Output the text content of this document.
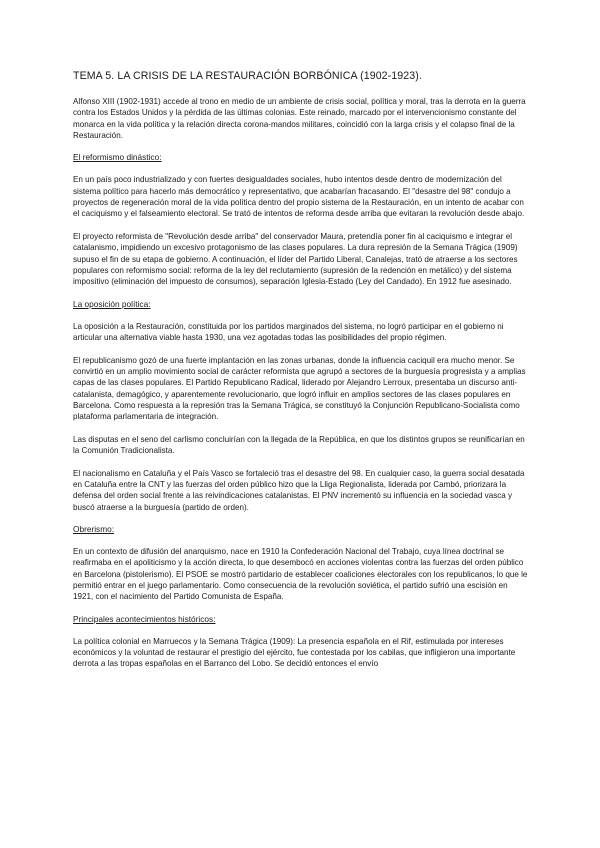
TEMA 5. LA CRISIS DE LA RESTAURACIÓN BORBÓNICA (1902-1923).

Alfonso XIII (1902-1931) accede al trono en medio de un ambiente de crisis social, política y moral, tras la derrota en la guerra contra los Estados Unidos y la pérdida de las últimas colonias. Este reinado, marcado por el intervencionismo constante del monarca en la vida política y la relación directa corona-mandos militares, coincidió con la larga crisis y el colapso final de la Restauración.

El reformismo dinástico:

En un país poco industrializado y con fuertes desigualdades sociales, hubo intentos desde dentro de modernización del sistema político para hacerlo más democrático y representativo, que acabarían fracasando. El "desastre del 98" condujo a proyectos de regeneración moral de la vida política dentro del propio sistema de la Restauración, en un intento de acabar con el caciquismo y el falseamiento electoral. Se trató de intentos de reforma desde arriba que evitaran la revolución desde abajo.

El proyecto reformista de "Revolución desde arriba" del conservador Maura, pretendía poner fin al caciquismo e integrar el catalanismo, impidiendo un excesivo protagonismo de las clases populares. La dura represión de la Semana Trágica (1909) supuso el fin de su etapa de gobierno. A continuación, el líder del Partido Liberal, Canalejas, trató de atraerse a los sectores populares con reformismo social: reforma de la ley del reclutamiento (supresión de la redención en metálico) y del sistema impositivo (eliminación del impuesto de consumos), separación Iglesia-Estado (Ley del Candado). En 1912 fue asesinado.

La oposición política:

La oposición a la Restauración, constituida por los partidos marginados del sistema, no logró participar en el gobierno ni articular una alternativa viable hasta 1930, una vez agotadas todas las posibilidades del propio régimen.

El republicanismo gozó de una fuerte implantación en las zonas urbanas, donde la influencia caciquil era mucho menor. Se convirtió en un amplio movimiento social de carácter reformista que agrupó a sectores de la burguesía progresista y a amplias capas de las clases populares. El Partido Republicano Radical, liderado por Alejandro Lerroux, presentaba un discurso anti-catalanista, demagógico, y aparentemente revolucionario, que logró influir en amplios sectores de las clases populares en Barcelona. Como respuesta a la represión tras la Semana Trágica, se constituyó la Conjunción Republicano-Socialista como plataforma parlamentaria de integración.

Las disputas en el seno del carlismo concluirían con la llegada de la República, en que los distintos grupos se reunificarían en la Comunión Tradicionalista.

El nacionalismo en Cataluña y el País Vasco se fortaleció tras el desastre del 98. En cualquier caso, la guerra social desatada en Cataluña entre la CNT y las fuerzas del orden público hizo que la Lliga Regionalista, liderada por Cambó, priorizara la defensa del orden social frente a las reivindicaciones catalanistas. El PNV incrementó su influencia en la sociedad vasca y buscó atraerse a la burguesía (partido de orden).

Obrerismo:

En un contexto de difusión del anarquismo, nace en 1910 la Confederación Nacional del Trabajo, cuya línea doctrinal se reafirmaba en el apoliticismo y la acción directa, lo que desembocó en acciones violentas contra las fuerzas del orden público en Barcelona (pistolerismo). El PSOE se mostró partidario de establecer coaliciones electorales con los republicanos, lo que le permitió entrar en el juego parlamentario. Como consecuencia de la revolución soviética, el partido sufrió una escisión en 1921, con el nacimiento del Partido Comunista de España.

Principales acontecimientos históricos:

La política colonial en Marruecos y la Semana Trágica (1909): La presencia española en el Rif, estimulada por intereses económicos y la voluntad de restaurar el prestigio del ejército, fue contestada por los cabilas, que infligieron una importante derrota a las tropas españolas en el Barranco del Lobo. Se decidió entonces el envío
